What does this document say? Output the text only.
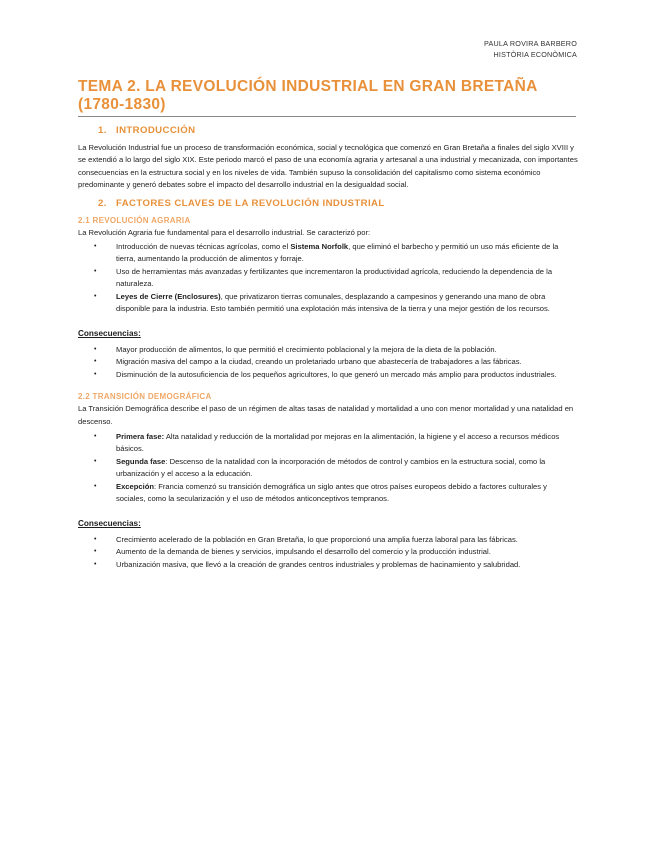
PAULA ROVIRA BARBERO
HISTÒRIA ECONÒMICA
TEMA 2. LA REVOLUCIÓN INDUSTRIAL EN GRAN BRETAÑA (1780-1830)
1. INTRODUCCIÓN

La Revolución Industrial fue un proceso de transformación económica, social y tecnológica que comenzó en Gran Bretaña a finales del siglo XVIII y se extendió a lo largo del siglo XIX. Este periodo marcó el paso de una economía agraria y artesanal a una industrial y mecanizada, con importantes consecuencias en la estructura social y en los niveles de vida. También supuso la consolidación del capitalismo como sistema económico predominante y generó debates sobre el impacto del desarrollo industrial en la desigualdad social.

2. FACTORES CLAVES DE LA REVOLUCIÓN INDUSTRIAL
2.1 REVOLUCIÓN AGRARIA

La Revolución Agraria fue fundamental para el desarrollo industrial. Se caracterizó por:

•	Introducción de nuevas técnicas agrícolas, como el Sistema Norfolk, que eliminó el barbecho y permitió un uso más eficiente de la tierra, aumentando la producción de alimentos y forraje.
•	Uso de herramientas más avanzadas y fertilizantes que incrementaron la productividad agrícola, reduciendo la dependencia de la naturaleza.
•	Leyes de Cierre (Enclosures), que privatizaron tierras comunales, desplazando a campesinos y generando una mano de obra disponible para la industria. Esto también permitió una explotación más intensiva de la tierra y una mejor gestión de los recursos.
Consecuencias:
•	Mayor producción de alimentos, lo que permitió el crecimiento poblacional y la mejora de la dieta de la población.
•	Migración masiva del campo a la ciudad, creando un proletariado urbano que abastecería de trabajadores a las fábricas.
•	Disminución de la autosuficiencia de los pequeños agricultores, lo que generó un mercado más amplio para productos industriales.
2.2 TRANSICIÓN DEMOGRÁFICA

La Transición Demográfica describe el paso de un régimen de altas tasas de natalidad y mortalidad a uno con menor mortalidad y una natalidad en descenso.

•	Primera fase: Alta natalidad y reducción de la mortalidad por mejoras en la alimentación, la higiene y el acceso a recursos médicos básicos.
•	Segunda fase: Descenso de la natalidad con la incorporación de métodos de control y cambios en la estructura social, como la urbanización y el acceso a la educación.
•	Excepción: Francia comenzó su transición demográfica un siglo antes que otros países europeos debido a factores culturales y sociales, como la secularización y el uso de métodos anticonceptivos tempranos.
Consecuencias:
•	Crecimiento acelerado de la población en Gran Bretaña, lo que proporcionó una amplia fuerza laboral para las fábricas.
•	Aumento de la demanda de bienes y servicios, impulsando el desarrollo del comercio y la producción industrial.
•	Urbanización masiva, que llevó a la creación de grandes centros industriales y problemas de hacinamiento y salubridad.
